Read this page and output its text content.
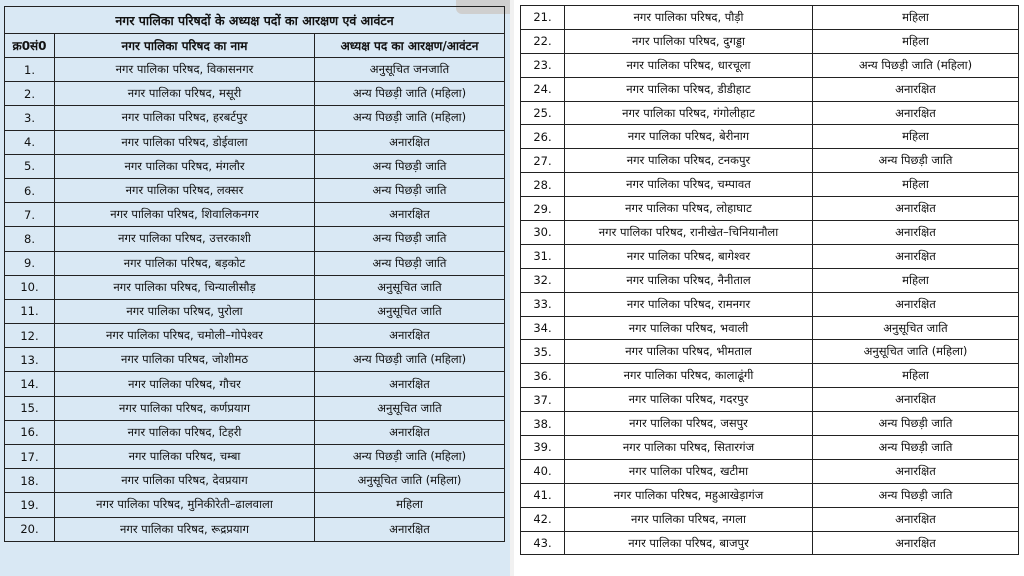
नगर पालिका परिषदों के अध्यक्ष पदों का आरक्षण एवं आवंटन		
क्र0सं0	नगर पालिका परिषद का नाम	अध्यक्ष पद का आरक्षण/आवंटन
1.	नगर पालिका परिषद, विकासनगर	अनुसूचित जनजाति
2.	नगर पालिका परिषद, मसूरी	अन्य पिछड़ी जाति (महिला)
3.	नगर पालिका परिषद, हरबर्टपुर	अन्य पिछड़ी जाति (महिला)
4.	नगर पालिका परिषद, डोईवाला	अनारक्षित
5.	नगर पालिका परिषद, मंगलौर	अन्य पिछड़ी जाति
6.	नगर पालिका परिषद, लक्सर	अन्य पिछड़ी जाति
7.	नगर पालिका परिषद, शिवालिकनगर	अनारक्षित
8.	नगर पालिका परिषद, उत्तरकाशी	अन्य पिछड़ी जाति
9.	नगर पालिका परिषद, बड़कोट	अन्य पिछड़ी जाति
10.	नगर पालिका परिषद, चिन्यालीसौड़	अनुसूचित जाति
11.	नगर पालिका परिषद, पुरोला	अनुसूचित जाति
12.	नगर पालिका परिषद, चमोली–गोपेश्वर	अनारक्षित
13.	नगर पालिका परिषद, जोशीमठ	अन्य पिछड़ी जाति (महिला)
14.	नगर पालिका परिषद, गौचर	अनारक्षित
15.	नगर पालिका परिषद, कर्णप्रयाग	अनुसूचित जाति
16.	नगर पालिका परिषद, टिहरी	अनारक्षित
17.	नगर पालिका परिषद, चम्बा	अन्य पिछड़ी जाति (महिला)
18.	नगर पालिका परिषद, देवप्रयाग	अनुसूचित जाति (महिला)
19.	नगर पालिका परिषद, मुनिकीरेती–ढालवाला	महिला
20.	नगर पालिका परिषद, रूद्रप्रयाग	अनारक्षित
21.	नगर पालिका परिषद, पौड़ी	महिला
22.	नगर पालिका परिषद, दुगड्डा	महिला
23.	नगर पालिका परिषद, धारचूला	अन्य पिछड़ी जाति (महिला)
24.	नगर पालिका परिषद, डीडीहाट	अनारक्षित
25.	नगर पालिका परिषद, गंगोलीहाट	अनारक्षित
26.	नगर पालिका परिषद, बेरीनाग	महिला
27.	नगर पालिका परिषद, टनकपुर	अन्य पिछड़ी जाति
28.	नगर पालिका परिषद, चम्पावत	महिला
29.	नगर पालिका परिषद, लोहाघाट	अनारक्षित
30.	नगर पालिका परिषद, रानीखेत–चिनियानौला	अनारक्षित
31.	नगर पालिका परिषद, बागेश्वर	अनारक्षित
32.	नगर पालिका परिषद, नैनीताल	महिला
33.	नगर पालिका परिषद, रामनगर	अनारक्षित
34.	नगर पालिका परिषद, भवाली	अनुसूचित जाति
35.	नगर पालिका परिषद, भीमताल	अनुसूचित जाति (महिला)
36.	नगर पालिका परिषद, कालाढूंगी	महिला
37.	नगर पालिका परिषद, गदरपुर	अनारक्षित
38.	नगर पालिका परिषद, जसपुर	अन्य पिछड़ी जाति
39.	नगर पालिका परिषद, सितारगंज	अन्य पिछड़ी जाति
40.	नगर पालिका परिषद, खटीमा	अनारक्षित
41.	नगर पालिका परिषद, महुआखेड़ागंज	अन्य पिछड़ी जाति
42.	नगर पालिका परिषद, नगला	अनारक्षित
43.	नगर पालिका परिषद, बाजपुर	अनारक्षित
